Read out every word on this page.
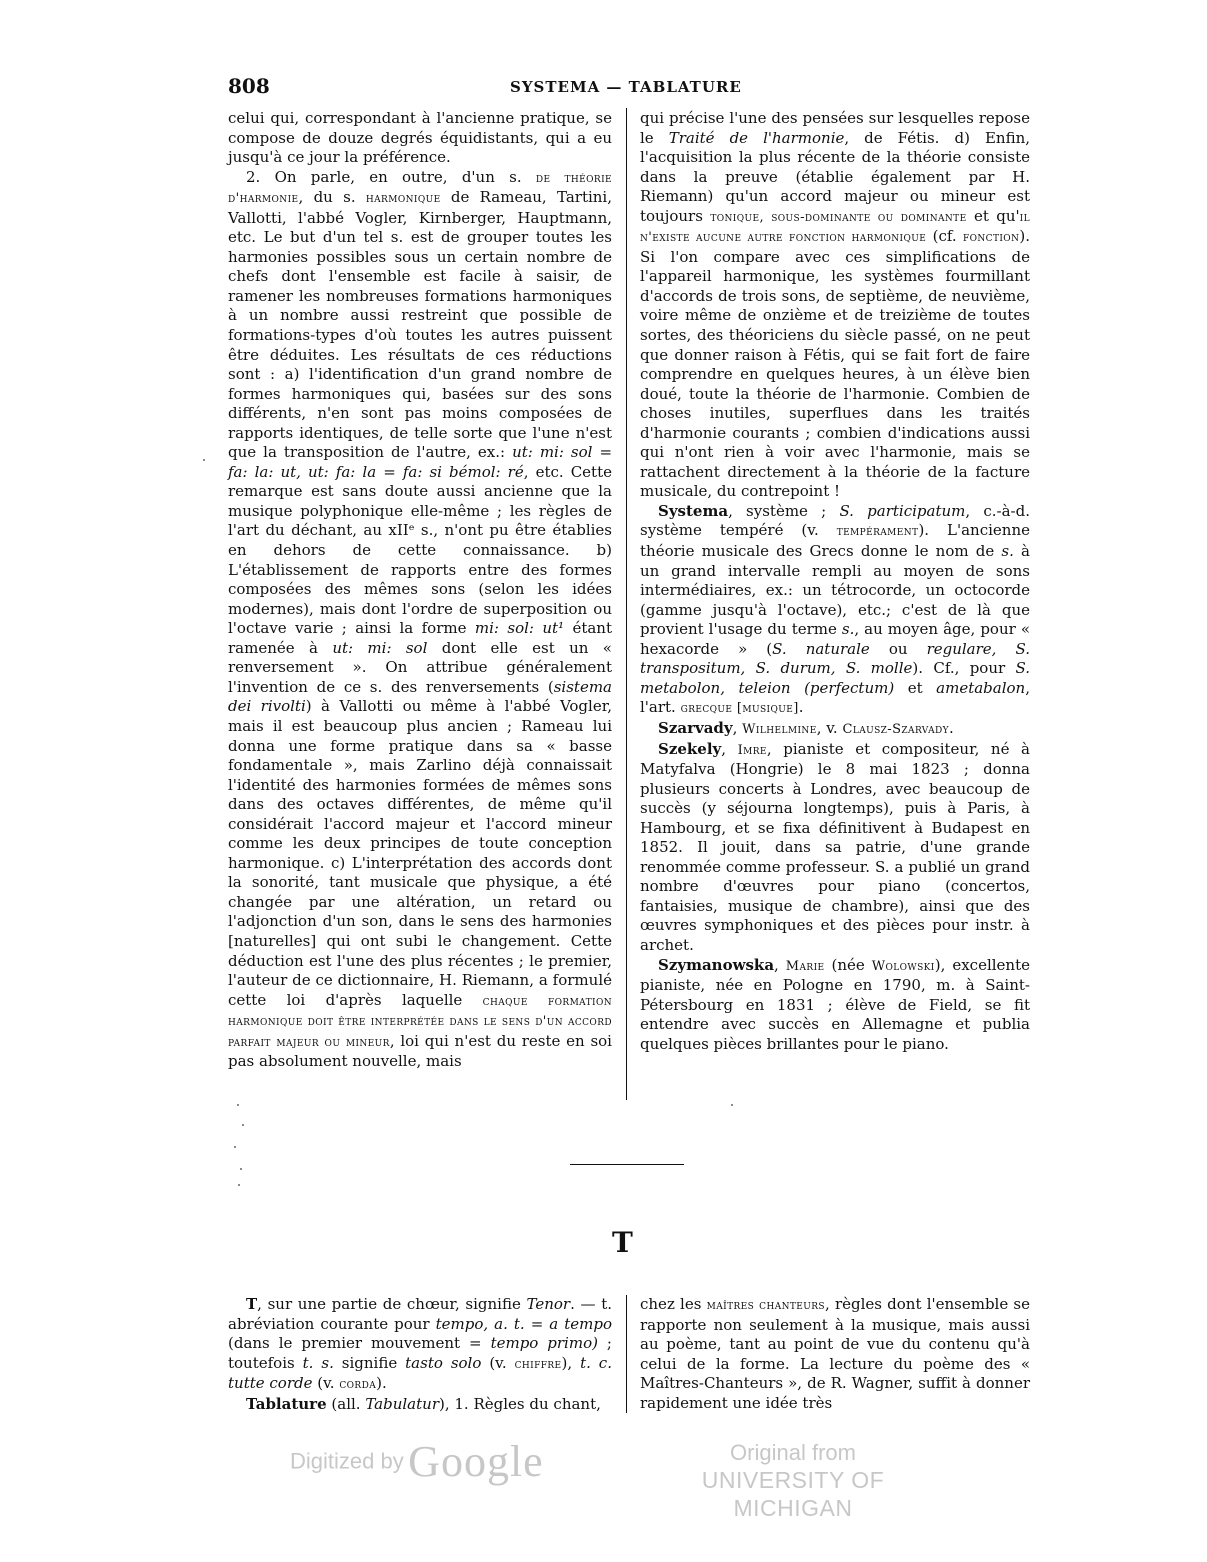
808	SYSTEMA — TABLATURE

celui qui, correspondant à l'ancienne pratique, se compose de douze degrés équidistants, qui a eu jusqu'à ce jour la préférence.

2. On parle, en outre, d'un s. de théorie d'harmonie, du s. harmonique de Rameau, Tartini, Vallotti, l'abbé Vogler, Kirnberger, Hauptmann, etc. Le but d'un tel s. est de grouper toutes les harmonies possibles sous un certain nombre de chefs dont l'ensemble est facile à saisir, de ramener les nombreuses formations harmoniques à un nombre aussi restreint que possible de formations-types d'où toutes les autres puissent être déduites. Les résultats de ces réductions sont : a) l'identification d'un grand nombre de formes harmoniques qui, basées sur des sons différents, n'en sont pas moins composées de rapports identiques, de telle sorte que l'une n'est que la transposition de l'autre, ex.: ut: mi: sol = fa: la: ut, ut: fa: la = fa: si bémol: ré, etc. Cette remarque est sans doute aussi ancienne que la musique polyphonique elle-même ; les règles de l'art du déchant, au xIIᵉ s., n'ont pu être établies en dehors de cette connaissance. b) L'établissement de rapports entre des formes composées des mêmes sons (selon les idées modernes), mais dont l'ordre de superposition ou l'octave varie ; ainsi la forme mi: sol: ut¹ étant ramenée à ut: mi: sol dont elle est un « renversement ». On attribue généralement l'invention de ce s. des renversements (sistema dei rivolti) à Vallotti ou même à l'abbé Vogler, mais il est beaucoup plus ancien ; Rameau lui donna une forme pratique dans sa « basse fondamentale », mais Zarlino déjà connaissait l'identité des harmonies formées de mêmes sons dans des octaves différentes, de même qu'il considérait l'accord majeur et l'accord mineur comme les deux principes de toute conception harmonique. c) L'interprétation des accords dont la sonorité, tant musicale que physique, a été changée par une altération, un retard ou l'adjonction d'un son, dans le sens des harmonies [naturelles] qui ont subi le changement. Cette déduction est l'une des plus récentes ; le premier, l'auteur de ce dictionnaire, H. Riemann, a formulé cette loi d'après laquelle chaque formation harmonique doit être interprétée dans le sens d'un accord parfait majeur ou mineur, loi qui n'est du reste en soi pas absolument nouvelle, mais

qui précise l'une des pensées sur lesquelles repose le Traité de l'harmonie, de Fétis. d) Enfin, l'acquisition la plus récente de la théorie consiste dans la preuve (établie également par H. Riemann) qu'un accord majeur ou mineur est toujours tonique, sous-dominante ou dominante et qu'il n'existe aucune autre fonction harmonique (cf. fonction). Si l'on compare avec ces simplifications de l'appareil harmonique, les systèmes fourmillant d'accords de trois sons, de septième, de neuvième, voire même de onzième et de treizième de toutes sortes, des théoriciens du siècle passé, on ne peut que donner raison à Fétis, qui se fait fort de faire comprendre en quelques heures, à un élève bien doué, toute la théorie de l'harmonie. Combien de choses inutiles, superflues dans les traités d'harmonie courants ; combien d'indications aussi qui n'ont rien à voir avec l'harmonie, mais se rattachent directement à la théorie de la facture musicale, du contrepoint !

Systema, système ; S. participatum, c.-à-d. système tempéré (v. tempérament). L'ancienne théorie musicale des Grecs donne le nom de s. à un grand intervalle rempli au moyen de sons intermédiaires, ex.: un tétrocorde, un octocorde (gamme jusqu'à l'octave), etc.; c'est de là que provient l'usage du terme s., au moyen âge, pour « hexacorde » (S. naturale ou regulare, S. transpositum, S. durum, S. molle). Cf., pour S. metabolon, teleion (perfectum) et ametabalon, l'art. grecque [musique].

Szarvady, Wilhelmine, v. Clausz-Szarvady.

Szekely, Imre, pianiste et compositeur, né à Matyfalva (Hongrie) le 8 mai 1823 ; donna plusieurs concerts à Londres, avec beaucoup de succès (y séjourna longtemps), puis à Paris, à Hambourg, et se fixa définitivent à Budapest en 1852. Il jouit, dans sa patrie, d'une grande renommée comme professeur. S. a publié un grand nombre d'œuvres pour piano (concertos, fantaisies, musique de chambre), ainsi que des œuvres symphoniques et des pièces pour instr. à archet.

Szymanowska, Marie (née Wolowski), excellente pianiste, née en Pologne en 1790, m. à Saint-Pétersbourg en 1831 ; élève de Field, se fit entendre avec succès en Allemagne et publia quelques pièces brillantes pour le piano.

T

T, sur une partie de chœur, signifie Tenor. — t. abréviation courante pour tempo, a. t. = a tempo (dans le premier mouvement = tempo primo) ; toutefois t. s. signifie tasto solo (v. chiffre), t. c. tutte corde (v. corda).

Tablature (all. Tabulatur), 1. Règles du chant,

chez les maîtres chanteurs, règles dont l'ensemble se rapporte non seulement à la musique, mais aussi au poème, tant au point de vue du contenu qu'à celui de la forme. La lecture du poème des « Maîtres-Chanteurs », de R. Wagner, suffit à donner rapidement une idée très

Digitized by Google	Original from
UNIVERSITY OF MICHIGAN
